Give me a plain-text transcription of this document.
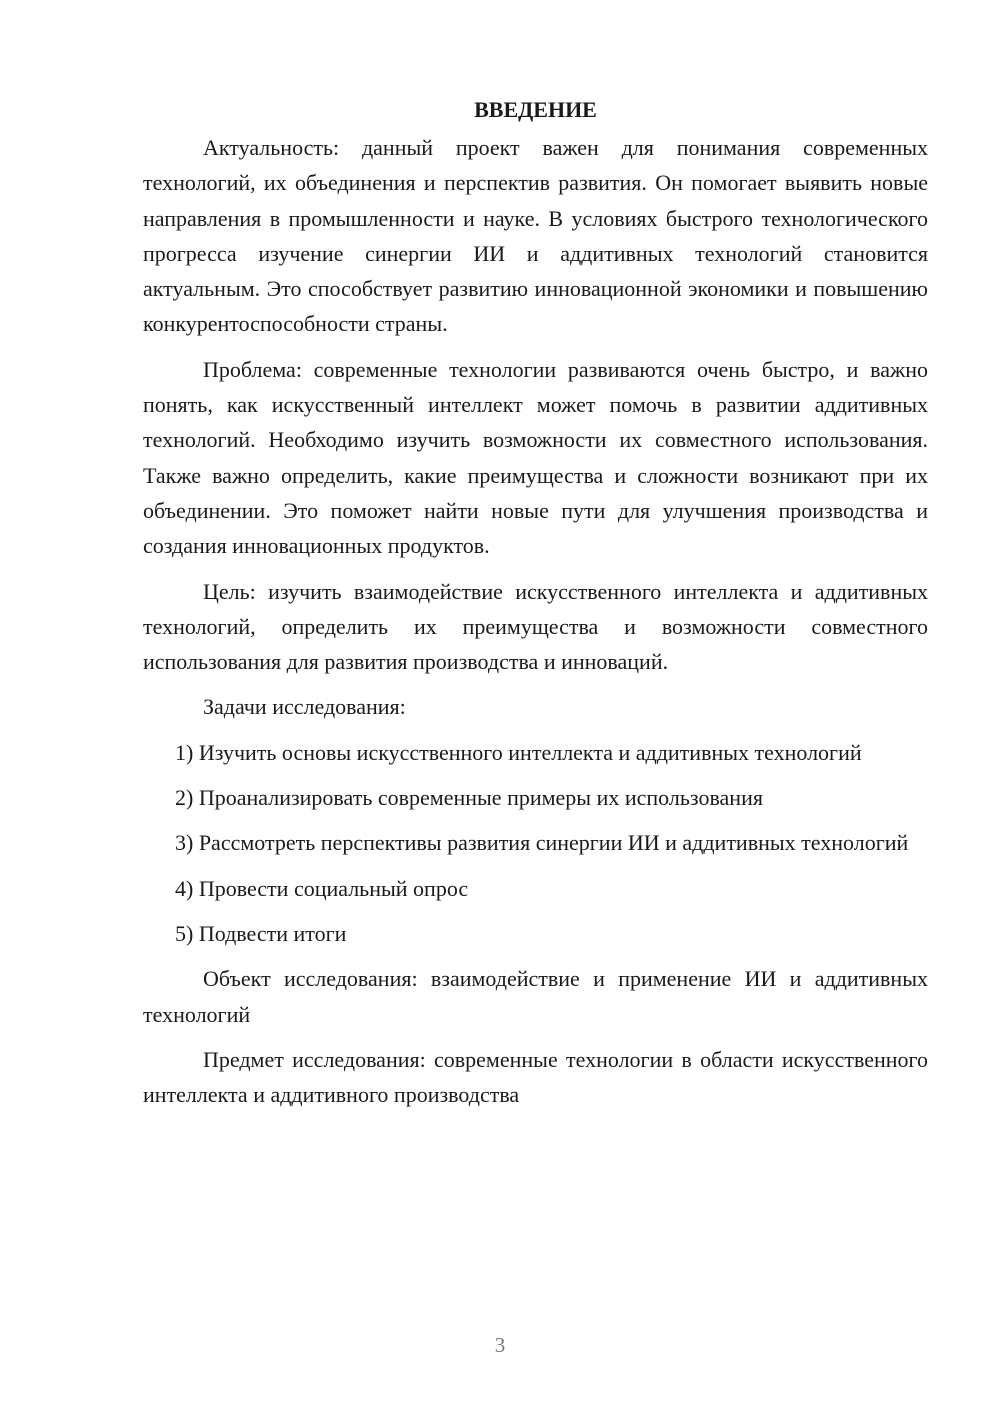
ВВЕДЕНИЕ

Актуальность: данный проект важен для понимания современных технологий, их объединения и перспектив развития. Он помогает выявить новые направления в промышленности и науке. В условиях быстрого технологического прогресса изучение синергии ИИ и аддитивных технологий становится актуальным. Это способствует развитию инновационной экономики и повышению конкурентоспособности страны.

Проблема: современные технологии развиваются очень быстро, и важно понять, как искусственный интеллект может помочь в развитии аддитивных технологий. Необходимо изучить возможности их совместного использования. Также важно определить, какие преимущества и сложности возникают при их объединении. Это поможет найти новые пути для улучшения производства и создания инновационных продуктов.

Цель: изучить взаимодействие искусственного интеллекта и аддитивных технологий, определить их преимущества и возможности совместного использования для развития производства и инноваций.

Задачи исследования:

1) Изучить основы искусственного интеллекта и аддитивных технологий

2) Проанализировать современные примеры их использования

3) Рассмотреть перспективы развития синергии ИИ и аддитивных технологий

4) Провести социальный опрос

5) Подвести итоги

Объект исследования: взаимодействие и применение ИИ и аддитивных технологий

Предмет исследования: современные технологии в области искусственного интеллекта и аддитивного производства

3
